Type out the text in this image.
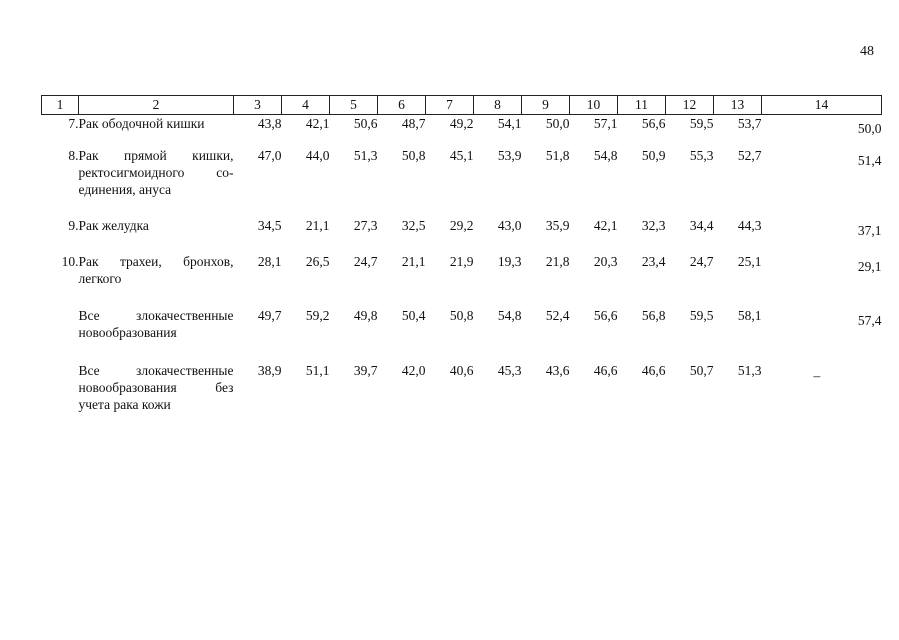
48
1	2	3	4	5	6	7	8	9	10	11	12	13	14
7.	Рак ободочной кишки	43,8	42,1	50,6	48,7	49,2	54,1	50,0	57,1	56,6	59,5	53,7	50,0

8.	Рак прямой кишки,
ректосигмоидного со-
единения, ануса	47,0	44,0	51,3	50,8	45,1	53,9	51,8	54,8	50,9	55,3	52,7	51,4

9.	Рак желудка	34,5	21,1	27,3	32,5	29,2	43,0	35,9	42,1	32,3	34,4	44,3	37,1

10.	Рак трахеи, бронхов,
легкого	28,1	26,5	24,7	21,1	21,9	19,3	21,8	20,3	23,4	24,7	25,1	29,1

	Все злокачественные
новообразования	49,7	59,2	49,8	50,4	50,8	54,8	52,4	56,6	56,8	59,5	58,1	57,4

	Все злокачественные
новообразования без
учета рака кожи	38,9	51,1	39,7	42,0	40,6	45,3	43,6	46,6	46,6	50,7	51,3	–
